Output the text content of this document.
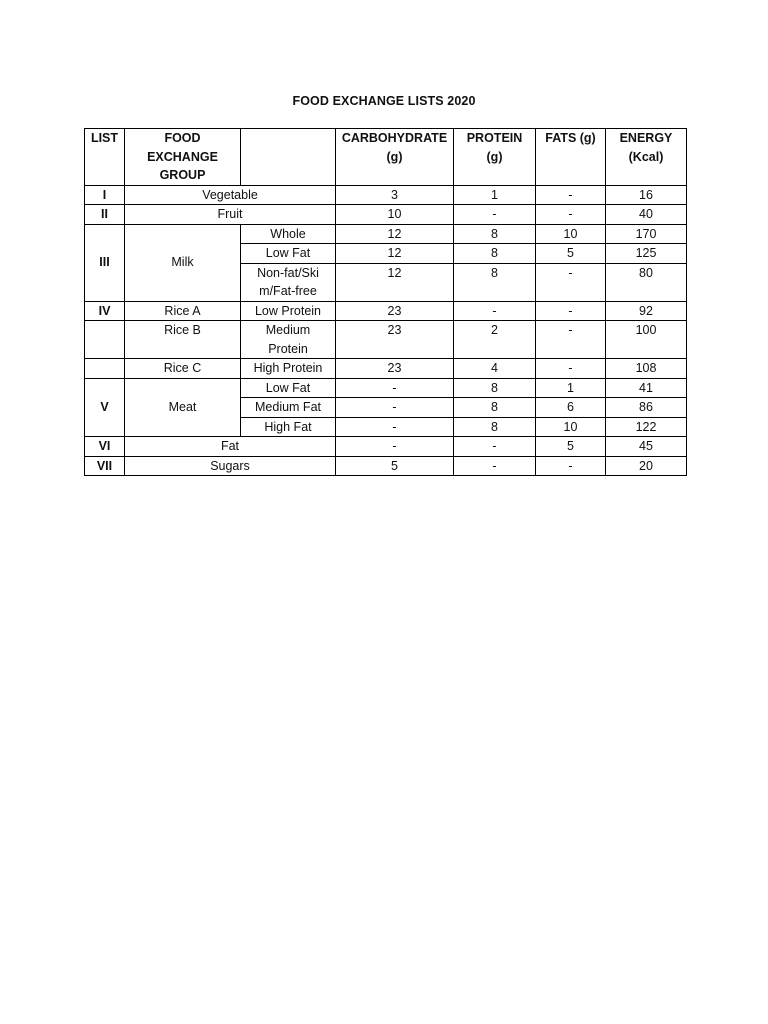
FOOD EXCHANGE LISTS 2020
LIST	FOOD EXCHANGE GROUP		CARBOHYDRATE (g)	PROTEIN (g)	FATS (g)	ENERGY (Kcal)
I	Vegetable		3	1	-	16
II	Fruit		10	-	-	40
III	Milk	Whole	12	8	10	170
		Low Fat	12	8	5	125
		Non-fat/Skim/Fat-free	12	8	-	80
IV	Rice A	Low Protein	23	-	-	92
	Rice B	Medium Protein	23	2	-	100
	Rice C	High Protein	23	4	-	108
V	Meat	Low Fat	-	8	1	41
		Medium Fat	-	8	6	86
		High Fat	-	8	10	122
VI	Fat		-	-	5	45
VII	Sugars		5	-	-	20
